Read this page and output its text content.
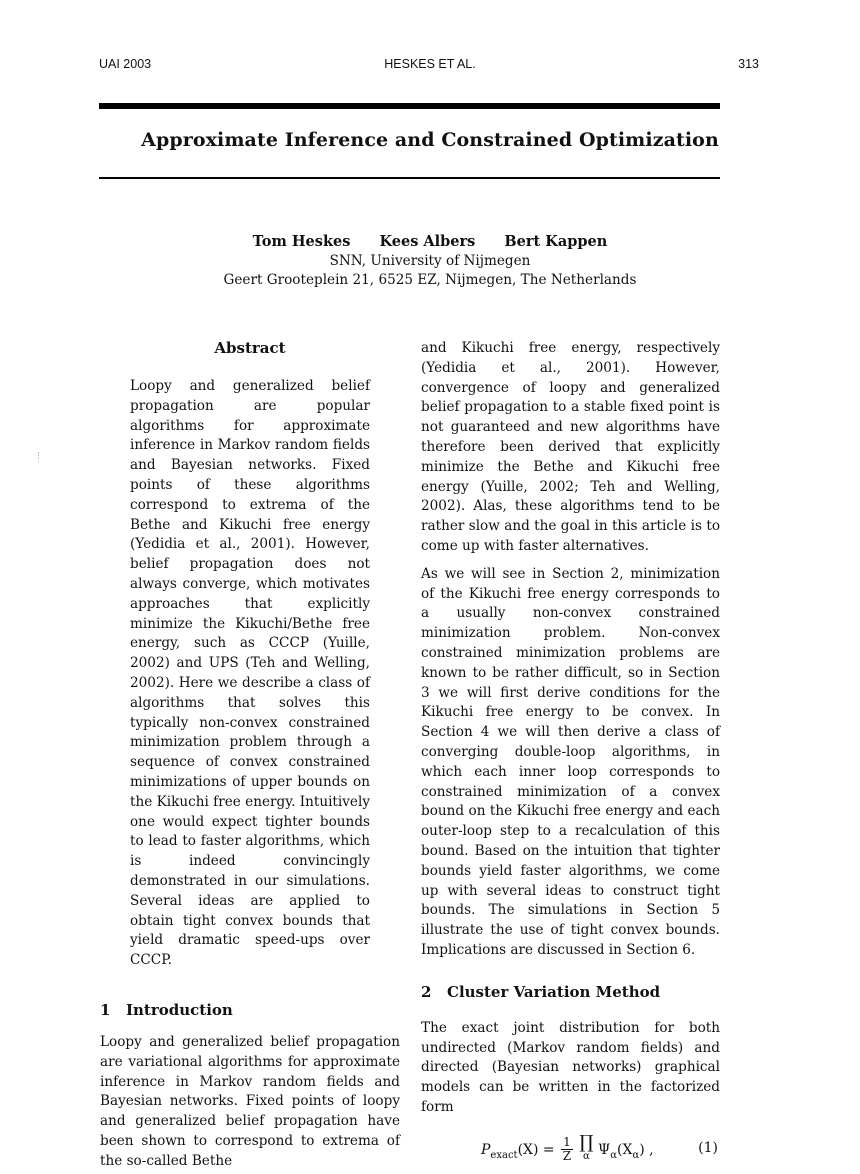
UAI 2003	HESKES ET AL.	313
Approximate Inference and Constrained Optimization
Tom Heskes Kees Albers Bert Kappen
SNN, University of Nijmegen
Geert Grooteplein 21, 6525 EZ, Nijmegen, The Netherlands
Abstract

Loopy and generalized belief propagation are popular algorithms for approximate inference in Markov random fields and Bayesian networks. Fixed points of these algorithms correspond to extrema of the Bethe and Kikuchi free energy (Yedidia et al., 2001). However, belief propagation does not always converge, which motivates approaches that explicitly minimize the Kikuchi/Bethe free energy, such as CCCP (Yuille, 2002) and UPS (Teh and Welling, 2002). Here we describe a class of algorithms that solves this typically non-convex constrained minimization problem through a sequence of convex constrained minimizations of upper bounds on the Kikuchi free energy. Intuitively one would expect tighter bounds to lead to faster algorithms, which is indeed convincingly demonstrated in our simulations. Several ideas are applied to obtain tight convex bounds that yield dramatic speed-ups over CCCP.

1 Introduction

Loopy and generalized belief propagation are variational algorithms for approximate inference in Markov random fields and Bayesian networks. Fixed points of loopy and generalized belief propagation have been shown to correspond to extrema of the so-called Bethe

and Kikuchi free energy, respectively (Yedidia et al., 2001). However, convergence of loopy and generalized belief propagation to a stable fixed point is not guaranteed and new algorithms have therefore been derived that explicitly minimize the Bethe and Kikuchi free energy (Yuille, 2002; Teh and Welling, 2002). Alas, these algorithms tend to be rather slow and the goal in this article is to come up with faster alternatives.

As we will see in Section 2, minimization of the Kikuchi free energy corresponds to a usually non-convex constrained minimization problem. Non-convex constrained minimization problems are known to be rather difficult, so in Section 3 we will first derive conditions for the Kikuchi free energy to be convex. In Section 4 we will then derive a class of converging double-loop algorithms, in which each inner loop corresponds to constrained minimization of a convex bound on the Kikuchi free energy and each outer-loop step to a recalculation of this bound. Based on the intuition that tighter bounds yield faster algorithms, we come up with several ideas to construct tight bounds. The simulations in Section 5 illustrate the use of tight convex bounds. Implications are discussed in Section 6.

2 Cluster Variation Method

The exact joint distribution for both undirected (Markov random fields) and directed (Bayesian networks) graphical models can be written in the factorized form

$P_{exact}(X) = \frac{1}{Z}$
∏
α $\Psi_\alpha(X_\alpha)$ ,	(1)
